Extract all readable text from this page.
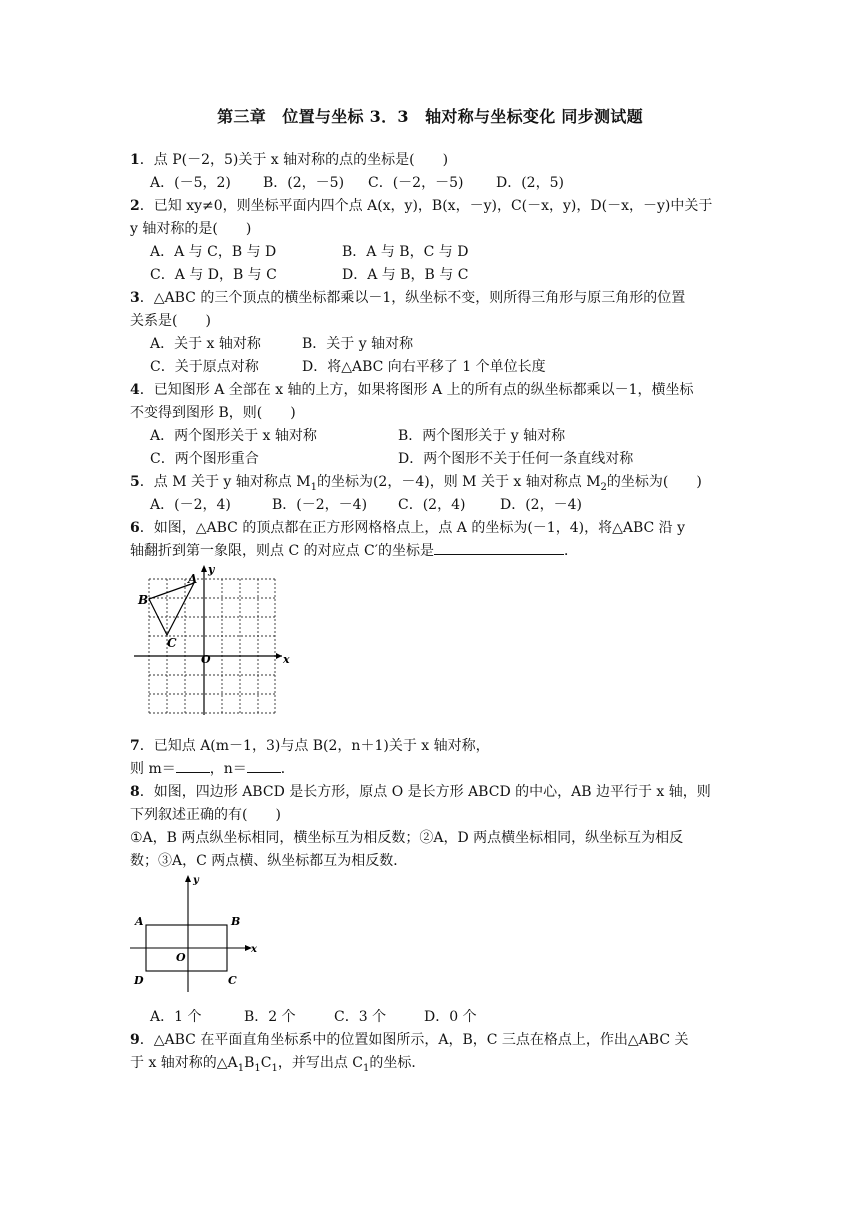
第三章　位置与坐标 3．3　轴对称与坐标变化 同步测试题
1．点 P(－2，5)关于 x 轴对称的点的坐标是(　　)
A．(－5，2) B．(2，－5) C．(－2，－5) D．(2，5)
2．已知 xy≠0，则坐标平面内四个点 A(x，y)，B(x，－y)，C(－x，y)，D(－x，－y)中关于
y 轴对称的是(　　)
A．A 与 C，B 与 D	B．A 与 B，C 与 D
C．A 与 D，B 与 C	D．A 与 B，B 与 C
3．△ABC 的三个顶点的横坐标都乘以－1，纵坐标不变，则所得三角形与原三角形的位置
关系是(　　)
A．关于 x 轴对称	B．关于 y 轴对称
C．关于原点对称	D．将△ABC 向右平移了 1 个单位长度
4．已知图形 A 全部在 x 轴的上方，如果将图形 A 上的所有点的纵坐标都乘以－1，横坐标
不变得到图形 B，则(　　)
A．两个图形关于 x 轴对称	B．两个图形关于 y 轴对称
C．两个图形重合	D．两个图形不关于任何一条直线对称
5．点 M 关于 y 轴对称点 $M_1$的坐标为(2，－4)，则 M 关于 x 轴对称点 $M_2$的坐标为(　　)
A．(－2，4)	B．(－2，－4) C．(2，4) D．(2，－4)
6．如图，△ABC 的顶点都在正方形网格格点上，点 A 的坐标为(－1，4)，将△ABC 沿 y
轴翻折到第一象限，则点 C 的对应点 C′的坐标是	．
A
B
C
O	x
y
7．已知点 A(m－1，3)与点 B(2，n＋1)关于 x 轴对称，
则 m＝ ，n＝ ．
8．如图，四边形 ABCD 是长方形，原点 O 是长方形 ABCD 的中心，AB 边平行于 x 轴，则
下列叙述正确的有(　　)
①A，B 两点纵坐标相同，横坐标互为相反数；②A，D 两点横坐标相同，纵坐标互为相反
数；③A，C 两点横、纵坐标都互为相反数．
A	B
C
D
O
x
y
A．1 个	B．2 个	C．3 个	D．0 个
9．△ABC 在平面直角坐标系中的位置如图所示，A，B，C 三点在格点上，作出△ABC 关
于 x 轴对称的$\triangle A_1B_1C_1$，并写出点 $C_1$的坐标．
